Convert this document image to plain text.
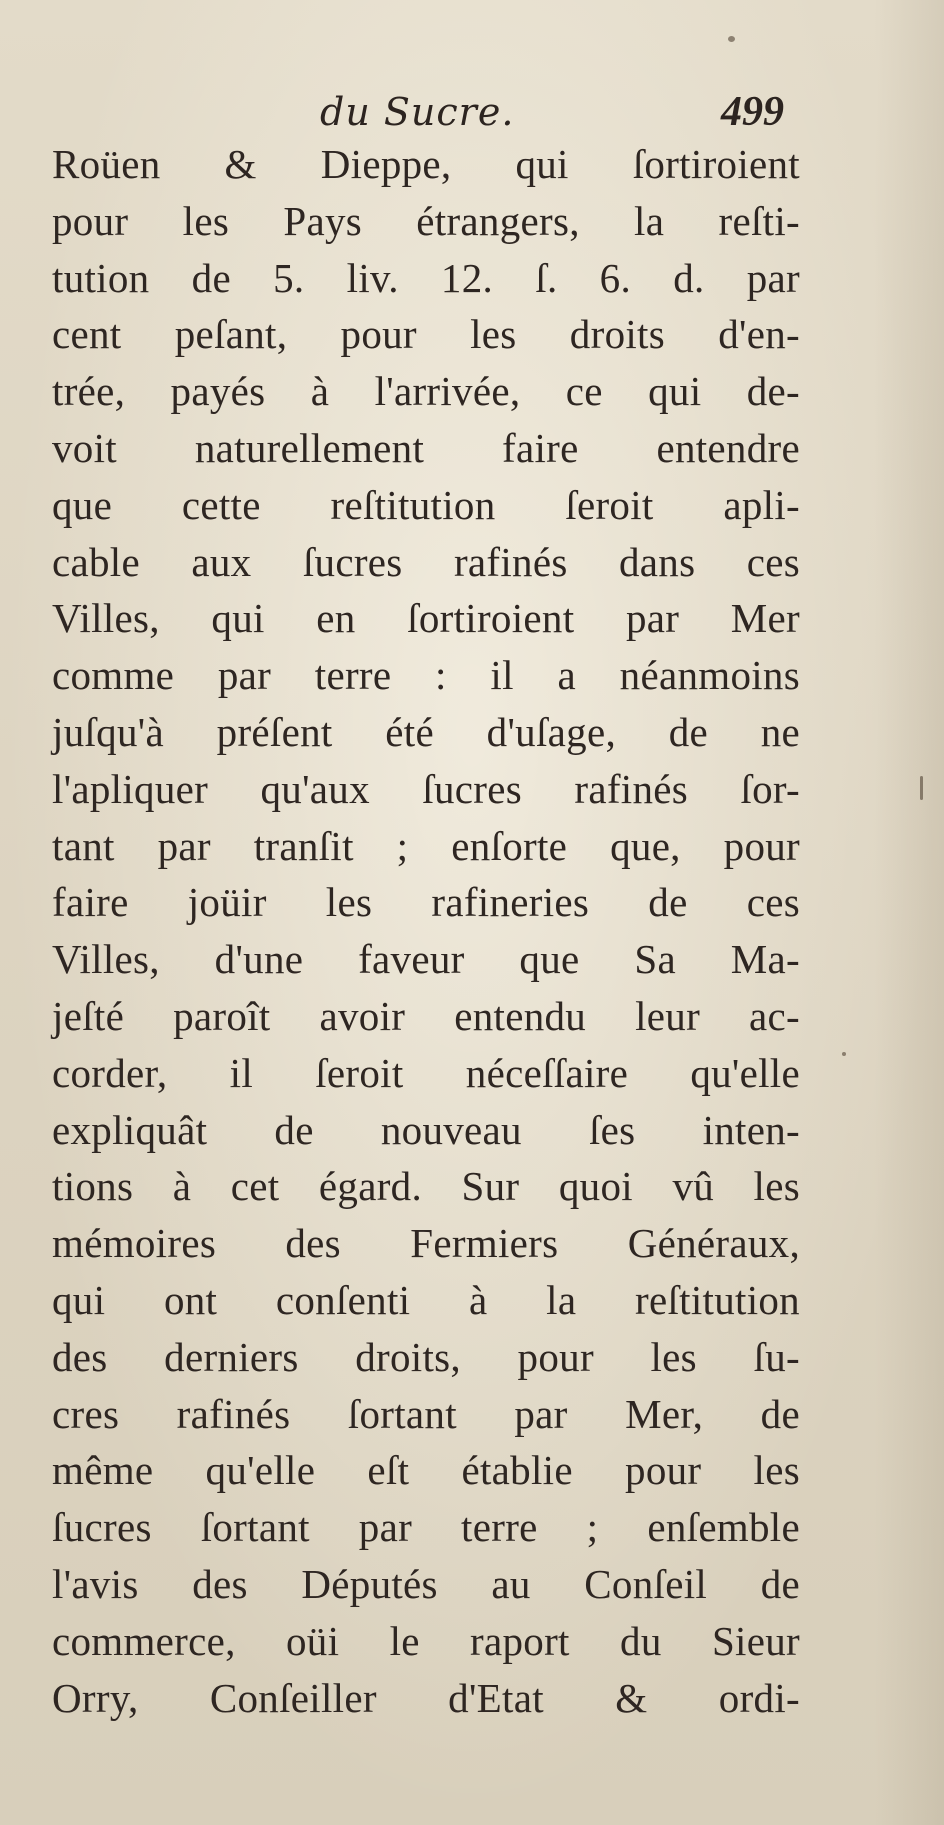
du Sucre.	499
Roüen & Dieppe, qui ſortiroient
pour les Pays étrangers, la reſti-
tution de 5. liv. 12. ſ. 6. d. par
cent peſant, pour les droits d'en-
trée, payés à l'arrivée, ce qui de-
voit naturellement faire entendre
que cette reſtitution ſeroit apli-
cable aux ſucres rafinés dans ces
Villes, qui en ſortiroient par Mer
comme par terre : il a néanmoins
juſqu'à préſent été d'uſage, de ne
l'apliquer qu'aux ſucres rafinés ſor-
tant par tranſit ; enſorte que, pour
faire joüir les rafineries de ces
Villes, d'une faveur que Sa Ma-
jeſté paroît avoir entendu leur ac-
corder, il ſeroit néceſſaire qu'elle
expliquât de nouveau ſes inten-
tions à cet égard. Sur quoi vû les
mémoires des Fermiers Généraux,
qui ont conſenti à la reſtitution
des derniers droits, pour les ſu-
cres rafinés ſortant par Mer, de
même qu'elle eſt établie pour les
ſucres ſortant par terre ; enſemble
l'avis des Députés au Conſeil de
commerce, oüi le raport du Sieur
Orry, Conſeiller d'Etat & ordi-
